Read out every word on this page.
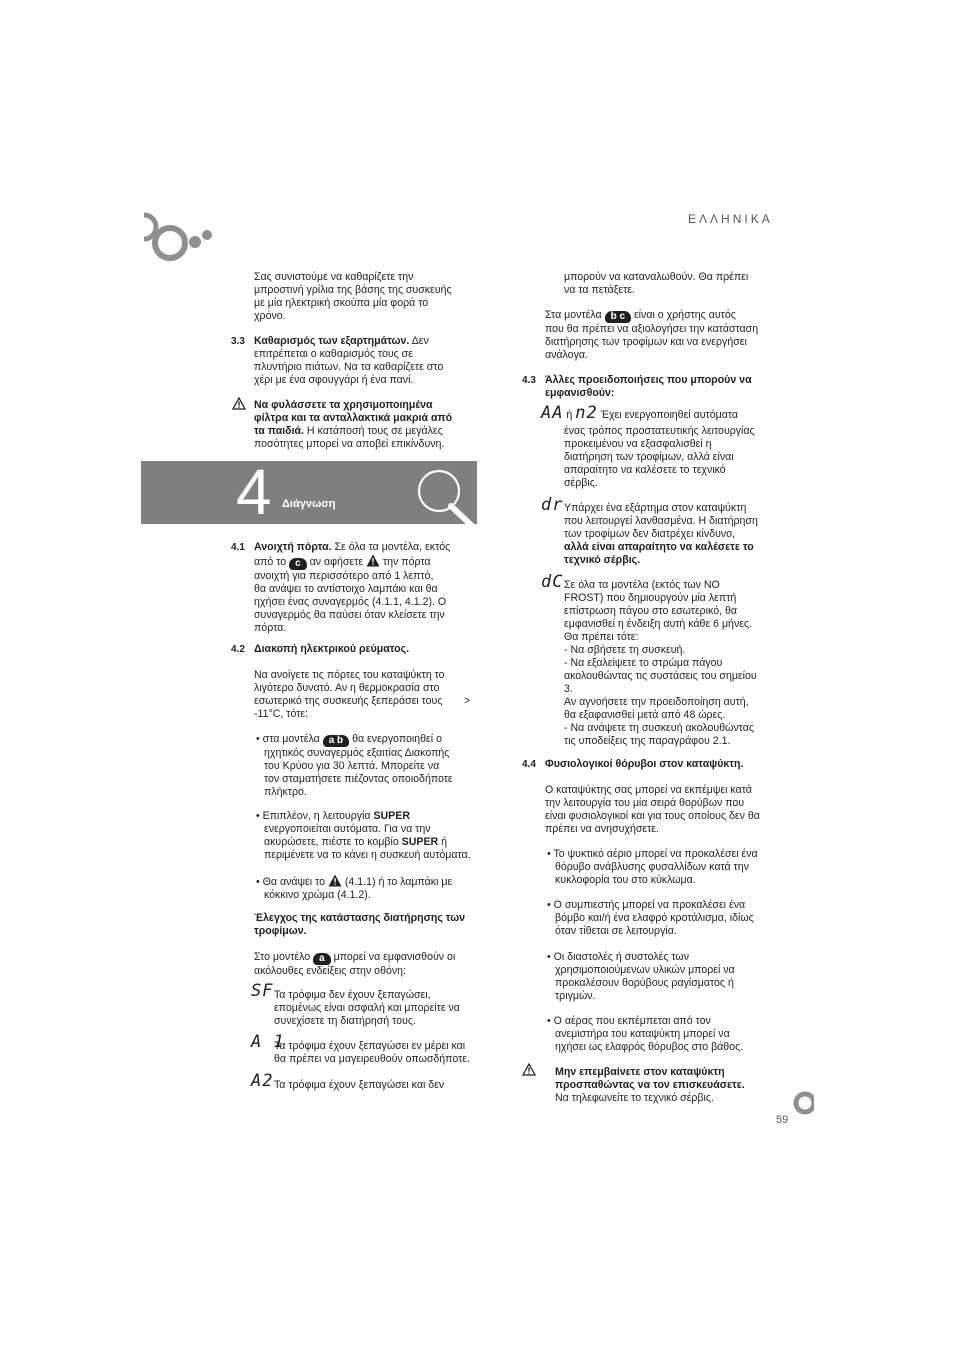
ΕΛΛΗΝΙΚΑ
Σας συνιστούμε να καθαρίζετε την
μπροστινή γρίλια της βάσης της συσκευής
με μία ηλεκτρική σκούπα μία φορά το
χρόνο.
3.3 Καθαρισμός των εξαρτημάτων. Δεν
επιτρέπεται ο καθαρισμός τους σε
πλυντήριο πιάτων. Να τα καθαρίζετε στο
χέρι με ένα σφουγγάρι ή ένα πανί.
Να φυλάσσετε τα χρησιμοποιημένα
φίλτρα και τα ανταλλακτικά μακριά από
τα παιδιά. Η κατάποσή τους σε μεγάλες
ποσότητες μπορεί να αποβεί επικίνδυνη.
4 Διάγνωση
4.1 Ανοιχτή πόρτα. Σε όλα τα μοντέλα, εκτός
από το c αν αφήσετε  την πόρτα
ανοιχτή για περισσότερο από 1 λεπτό,
θα ανάψει το αντίστοιχο λαμπάκι και θα
ηχήσει ένας συναγερμός (4.1.1, 4.1.2). Ο
συναγερμός θα παύσει όταν κλείσετε την
πόρτα.
4.2 Διακοπή ηλεκτρικού ρεύματος.
Να ανοίγετε τις πόρτες του καταψύκτη το
λιγότερο δυνατό. Αν η θερμοκρασία στο
εσωτερικό της συσκευής ξεπεράσει τους
-11°C, τότε:
>
• στα μοντέλα a b θα ενεργοποιηθεί ο
ηχητικός συναγερμός εξαιτίας Διακοπής
του Κρύου για 30 λεπτά. Μπορείτε να
τον σταματήσετε πιέζοντας οποιοδήποτε
πλήκτρο.
• Επιπλέον, η λειτουργία SUPER
ενεργοποιείται αυτόματα. Για να την
ακυρώσετε, πιέστε το κομβίο SUPER ή
περιμένετε να το κάνει η συσκευή αυτόματα.
• Θα ανάψει το  (4.1.1) ή το λαμπάκι με
κόκκινο χρώμα (4.1.2).
Έλεγχος της κατάστασης διατήρησης των
τροφίμων.
Στο μοντέλο a μπορεί να εμφανισθούν οι
ακόλουθες ενδείξεις στην οθόνη:
SF Τα τρόφιμα δεν έχουν ξεπαγώσει,
επομένως είναι ασφαλή και μπορείτε να
συνεχίσετε τη διατήρησή τους.
A 1
Τα τρόφιμα έχουν ξεπαγώσει εν μέρει και
θα πρέπει να μαγειρευθούν οπωσδήποτε.
A2 Τα τρόφιμα έχουν ξεπαγώσει και δεν
μπορούν να καταναλωθούν. Θα πρέπει
να τα πετάξετε.
Στα μοντέλα b c είναι ο χρήστης αυτός
που θα πρέπει να αξιολογήσει την κατάσταση
διατήρησης των τροφίμων και να ενεργήσει
ανάλογα.
4.3 Άλλες προειδοποιήσεις που μπορούν να
εμφανισθούν:
AA ή n2 Έχει ενεργοποιηθεί αυτόματα
ένας τρόπος προστατευτικής λειτουργίας
προκειμένου να εξασφαλισθεί η
διατήρηση των τροφίμων, αλλά είναι
απαραίτητο να καλέσετε το τεχνικό
σέρβις.
dr Υπάρχει ένα εξάρτημα στον καταψύκτη
που λειτουργεί λανθασμένα. Η διατήρηση
των τροφίμων δεν διατρέχει κίνδυνο,
αλλά είναι απαραίτητο να καλέσετε το
τεχνικό σέρβις.
dC Σε όλα τα μοντέλα (εκτός των NO
FROST) που δημιουργούν μία λεπτή
επίστρωση πάγου στο εσωτερικό, θα
εμφανισθεί η ένδειξη αυτή κάθε 6 μήνες.
Θα πρέπει τότε:
- Να σβήσετε τη συσκευή.
- Να εξαλείψετε το στρώμα πάγου
ακολουθώντας τις συστάσεις του σημείου
3.
Αν αγνοήσετε την προειδοποίηση αυτή,
θα εξαφανισθεί μετά από 48 ώρες.
- Να ανάψετε τη συσκευή ακολουθώντας
τις υποδείξεις της παραγράφου 2.1.
4.4 Φυσιολογικοί θόρυβοι στον καταψύκτη.
Ο καταψύκτης σας μπορεί να εκπέμψει κατά
την λειτουργία του μία σειρά θορύβων που
είναι φυσιολογικοί και για τους οποίους δεν θα
πρέπει να ανησυχήσετε.
• Το ψυκτικό αέριο μπορεί να προκαλέσει ένα
θόρυβο ανάβλυσης φυσαλλίδων κατά την
κυκλοφορία του στο κύκλωμα.
• Ο συμπιεστής μπορεί να προκαλέσει ένα
βόμβο και/ή ένα ελαφρό κροτάλισμα, ιδίως
όταν τίθεται σε λειτουργία.
• Οι διαστολές ή συστολές των
χρησιμοποιούμενων υλικών μπορεί να
προκαλέσουν θορύβους ραγίσματος ή
τριγμών.
• Ο αέρας που εκπέμπεται από τον
ανεμιστήρα του καταψύκτη μπορεί να
ηχήσει ως ελαφρός θόρυβος στο βάθος.
Μην επεμβαίνετε στον καταψύκτη
προσπαθώντας να τον επισκευάσετε.
Να τηλεφωνείτε το τεχνικό σέρβις.
59
